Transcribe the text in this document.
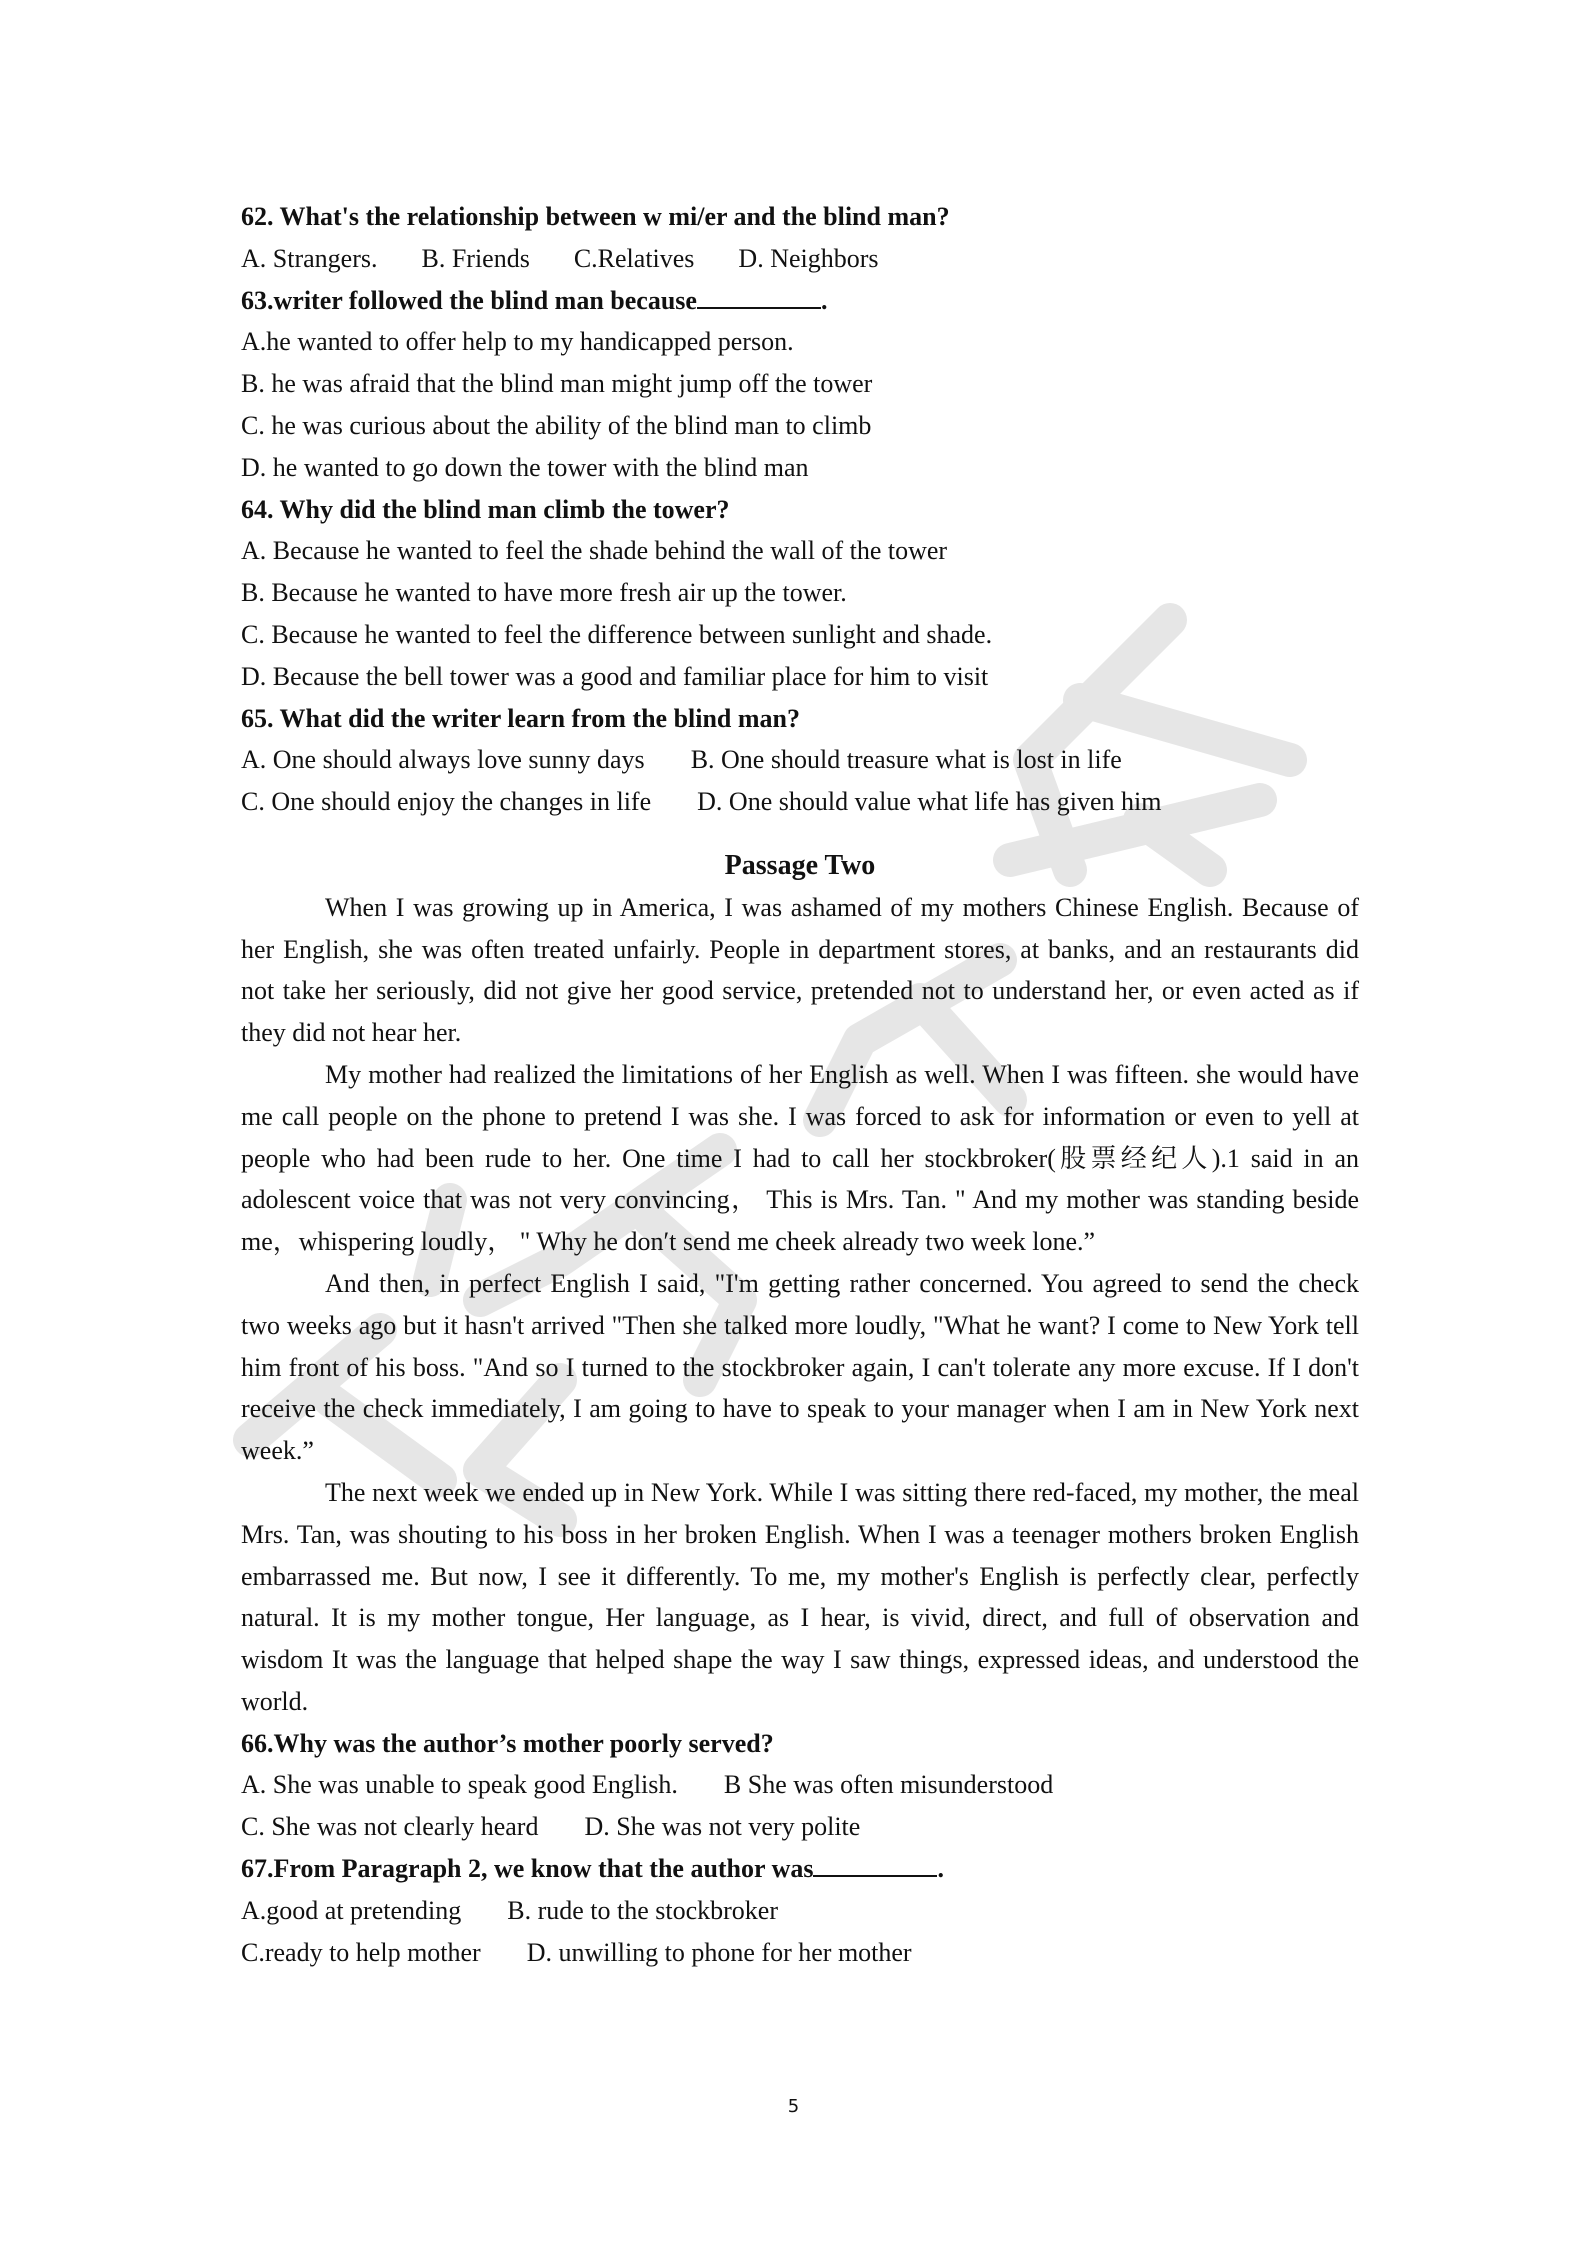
62. What's the relationship between w mi/er and the blind man?
A. Strangers. B. Friends C.Relatives D. Neighbors
63.writer followed the blind man because	.
A.he wanted to offer help to my handicapped person.
B. he was afraid that the blind man might jump off the tower
C. he was curious about the ability of the blind man to climb
D. he wanted to go down the tower with the blind man
64. Why did the blind man climb the tower?
A. Because he wanted to feel the shade behind the wall of the tower
B. Because he wanted to have more fresh air up the tower.
C. Because he wanted to feel the difference between sunlight and shade.
D. Because the bell tower was a good and familiar place for him to visit
65. What did the writer learn from the blind man?
A. One should always love sunny days B. One should treasure what is lost in life
C. One should enjoy the changes in life D. One should value what life has given him
Passage Two
When I was growing up in America, I was ashamed of my mothers Chinese English. Because of her English, she was often treated unfairly. People in department stores, at banks, and an restaurants did not take her seriously, did not give her good service, pretended not to understand her, or even acted as if they did not hear her.
My mother had realized the limitations of her English as well. When I was fifteen. she would have me call people on the phone to pretend I was she. I was forced to ask for information or even to yell at people who had been rude to her. One time I had to call her stockbroker(股票经纪人).1 said in an adolescent voice that was not very convincing， This is Mrs. Tan. " And my mother was standing beside me，whispering loudly， " Why he don′t send me cheek already two week lone.”
And then, in perfect English I said, "I'm getting rather concerned. You agreed to send the check two weeks ago but it hasn't arrived "Then she talked more loudly, "What he want? I come to New York tell him front of his boss. "And so I turned to the stockbroker again, I can't tolerate any more excuse. If I don't receive the check immediately, I am going to have to speak to your manager when I am in New York next week.”
The next week we ended up in New York. While I was sitting there red-faced, my mother, the meal Mrs. Tan, was shouting to his boss in her broken English. When I was a teenager mothers broken English embarrassed me. But now, I see it differently. To me, my mother's English is perfectly clear, perfectly natural. It is my mother tongue, Her language, as I hear, is vivid, direct, and full of observation and wisdom It was the language that helped shape the way I saw things, expressed ideas, and understood the world.
66.Why was the author’s mother poorly served?
A. She was unable to speak good English. B She was often misunderstood
C. She was not clearly heard D. She was not very polite
67.From Paragraph 2, we know that the author was	.
A.good at pretending B. rude to the stockbroker
C.ready to help mother D. unwilling to phone for her mother
5
